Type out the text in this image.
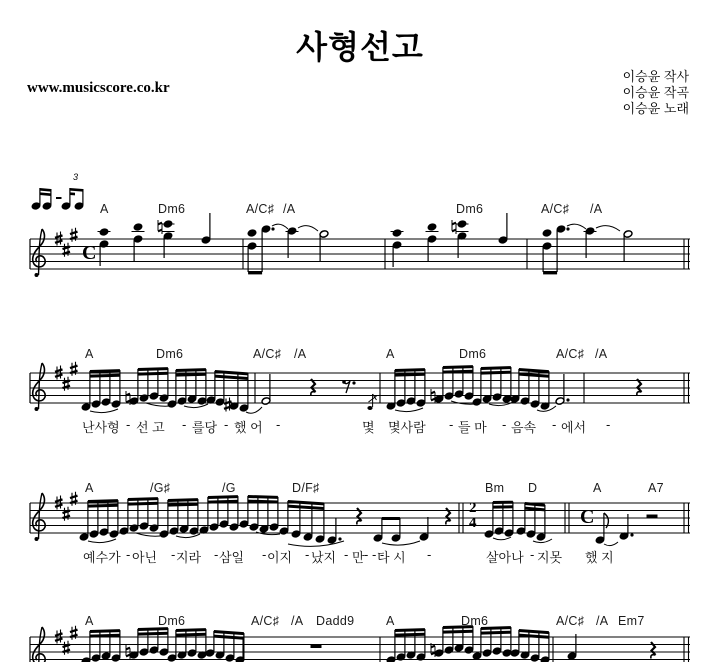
www.musicscore.co.kr
사형선고
이승윤 작사
이승윤 작곡
이승윤 노래
3
C
2
4	C
A	Dm6	A/C♯ /A	Dm6	A/C♯ /A
A	Dm6	A/C♯ /A	A	Dm6	A/C♯ /A
A	/G♯	/G	D/F♯	Bm D	A	A7
A	Dm6	A/C♯ /A Dadd9	A	Dm6	A/C♯ /A Em7
난사형 - 선 고 - 를당 - 했 어 -	몇 몇사람 - 들 마 - 음속 - 에서 -
예수가 - 아닌 - 지라 - 삼일 - 이지 - 났지 - 만 - - -
다 시 -	살아나 - 지못 했 지
